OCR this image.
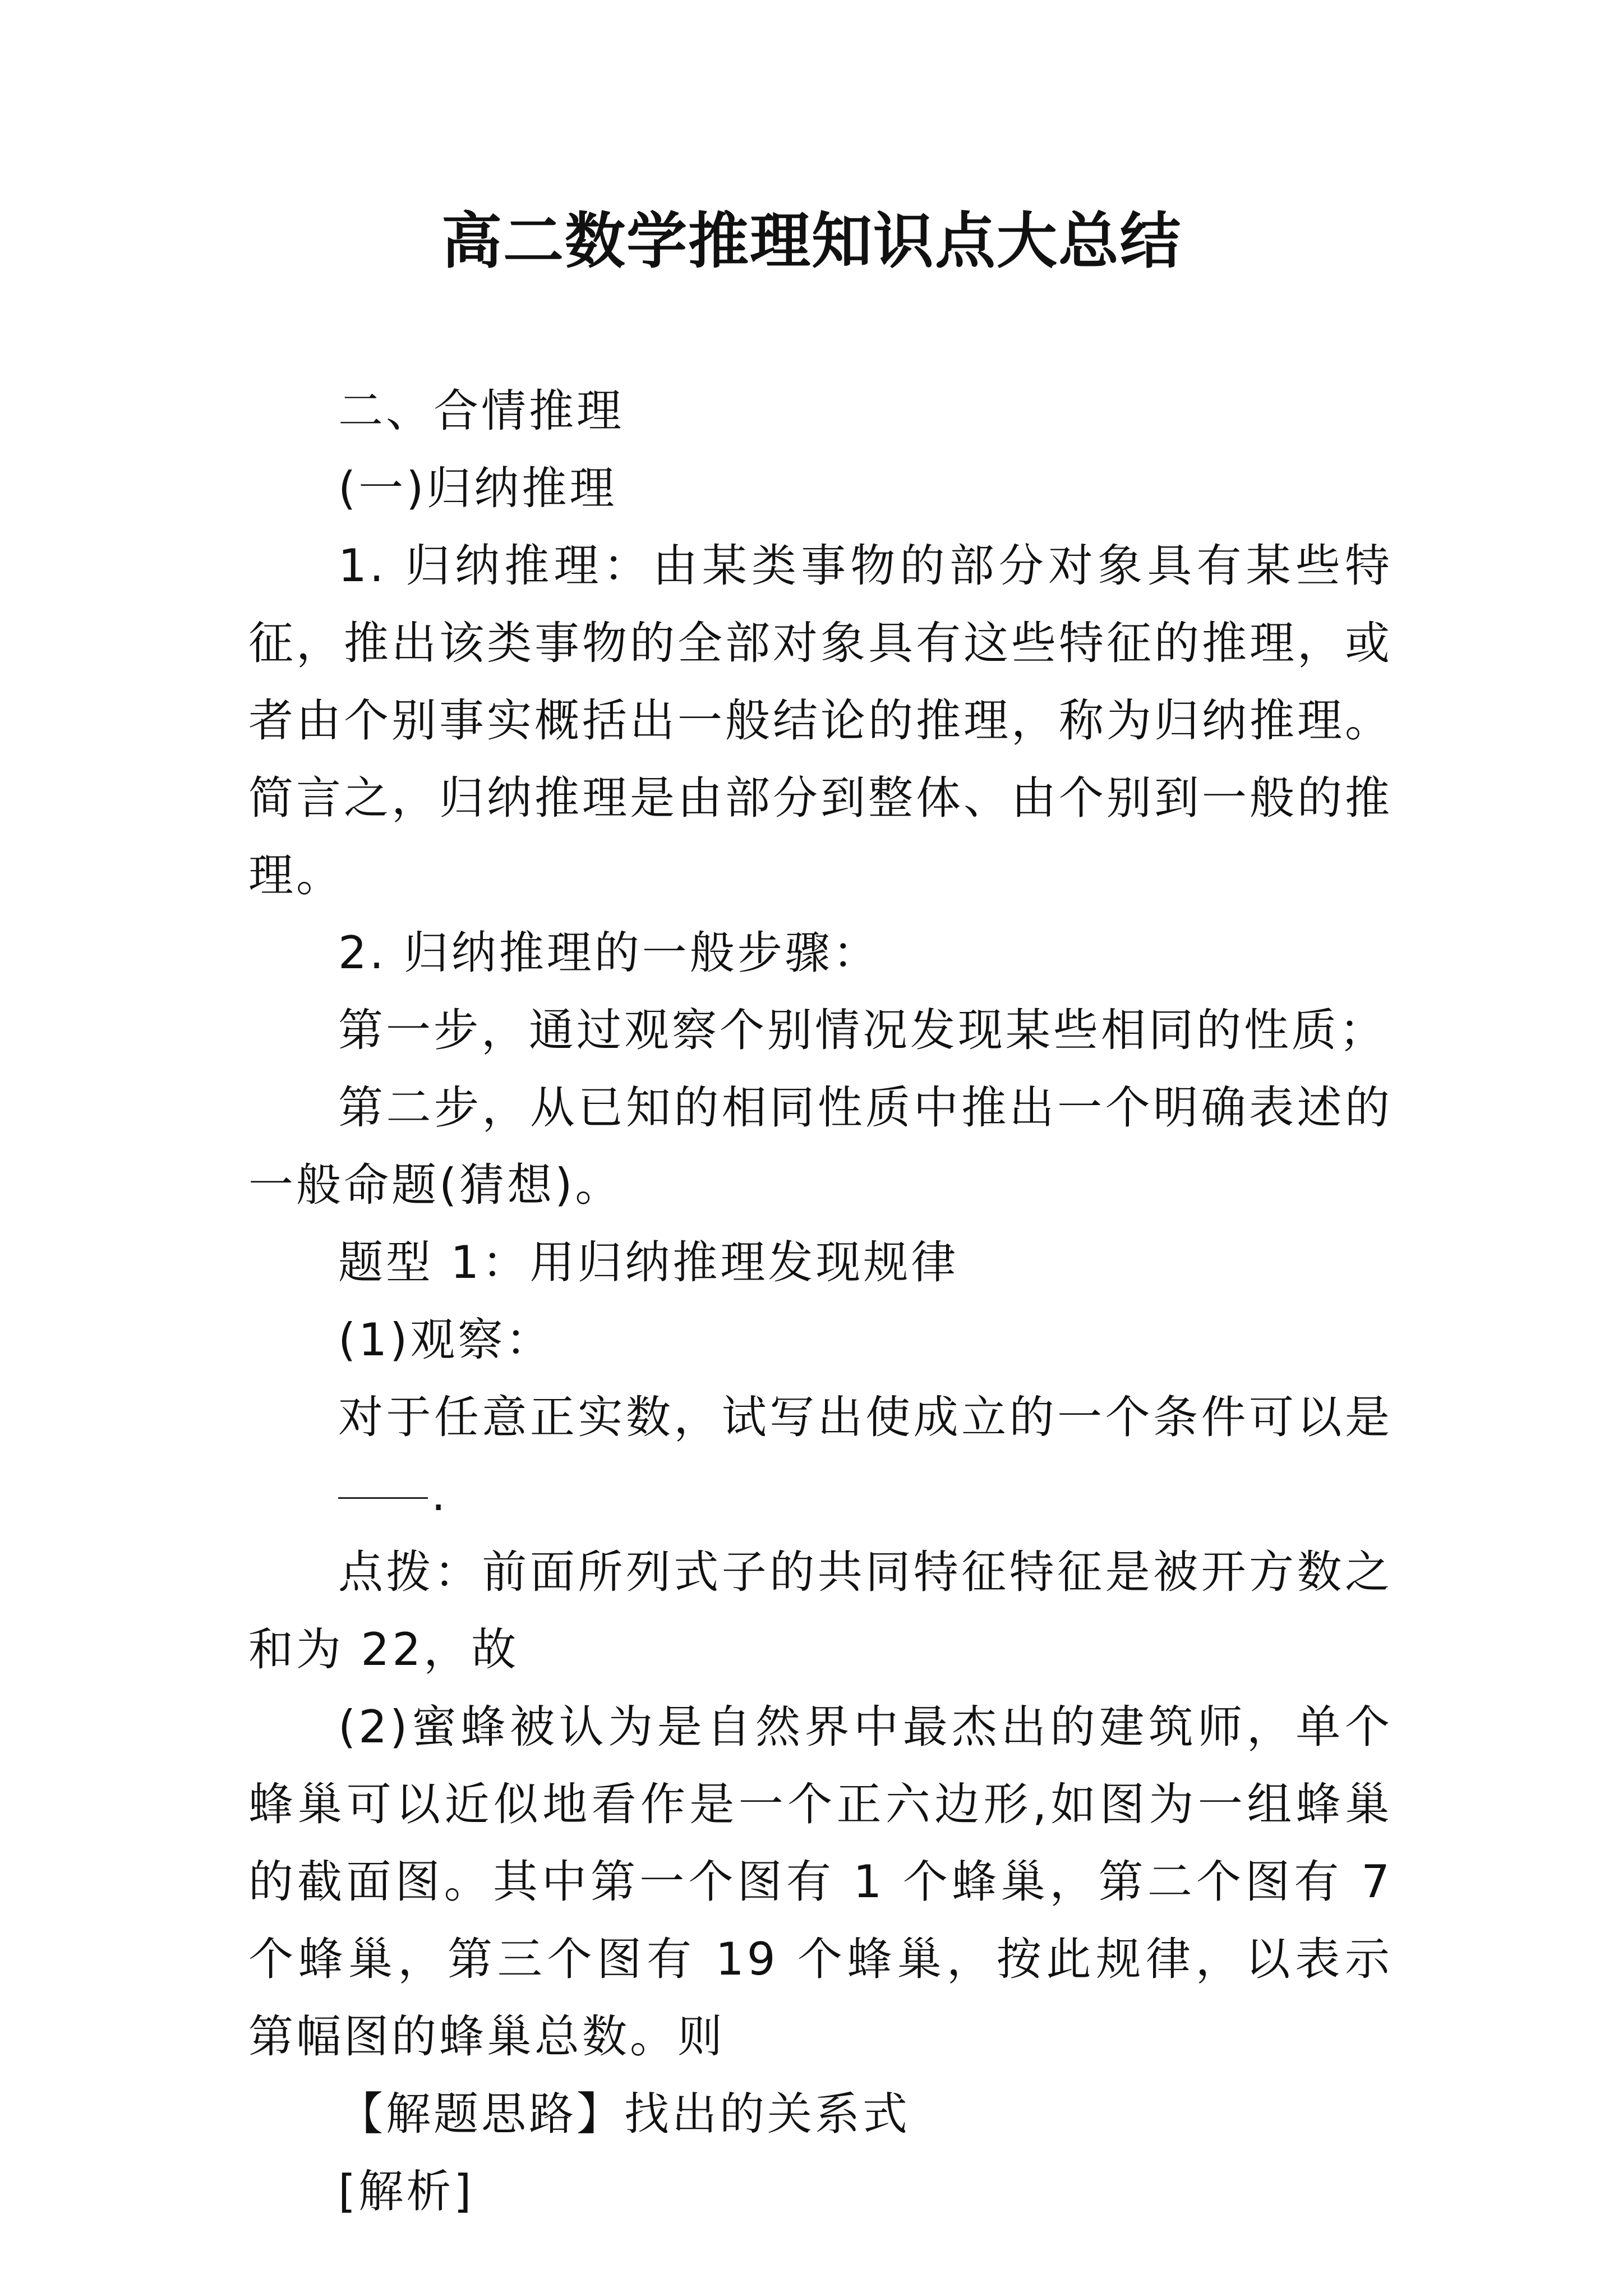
高二数学推理知识点大总结

二、合情推理

(一)归纳推理

1. 归纳推理：由某类事物的部分对象具有某些特征，推出该类事物的全部对象具有这些特征的推理，或者由个别事实概括出一般结论的推理，称为归纳推理。简言之，归纳推理是由部分到整体、由个别到一般的推理。

2. 归纳推理的一般步骤：

第一步，通过观察个别情况发现某些相同的性质；

第二步，从已知的相同性质中推出一个明确表述的一般命题(猜想)。

题型 1：用归纳推理发现规律

(1)观察：

对于任意正实数，试写出使成立的一个条件可以是

.

点拨：前面所列式子的共同特征特征是被开方数之和为 22，故

(2)蜜蜂被认为是自然界中最杰出的建筑师，单个蜂巢可以近似地看作是一个正六边形,如图为一组蜂巢的截面图。其中第一个图有 1 个蜂巢，第二个图有 7 个蜂巢，第三个图有 19 个蜂巢，按此规律，以表示第幅图的蜂巢总数。则

【解题思路】找出的关系式

[解析]
